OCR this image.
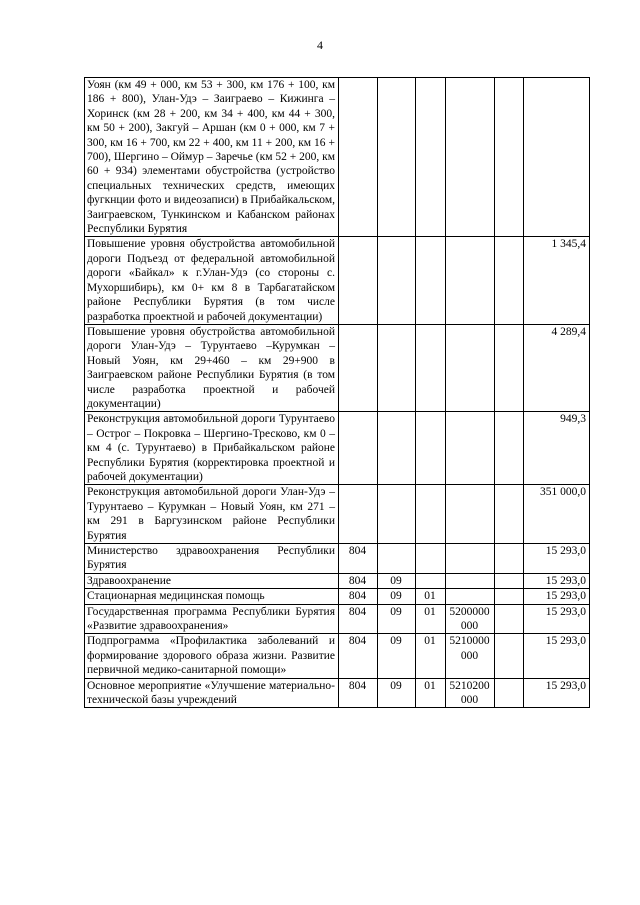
4
Уоян (км 49 + 000, км 53 + 300, км 176 + 100, км 186 + 800), Улан-Удэ – Заиграево – Кижинга – Хоринск (км 28 + 200, км 34 + 400, км 44 + 300, км 50 + 200), Закгуй – Аршан (км 0 + 000, км 7 + 300, км 16 + 700, км 22 + 400, км 11 + 200, км 16 + 700), Шергино – Оймур – Заречье (км 52 + 200, км 60 + 934) элементами обустройства (устройство специальных технических средств, имеющих фугкнции фото и видеозаписи) в Прибайкальском, Заиграевском, Тункинском и Кабанском районах Республики Бурятия						
Повышение уровня обустройства автомобильной дороги Подъезд от федеральной автомобильной дороги «Байкал» к г.Улан-Удэ (со стороны с. Мухоршибирь), км 0+ км 8 в Тарбагатайском районе Республики Бурятия (в том числе разработка проектной и рабочей документации)						1 345,4
Повышение уровня обустройства автомобильной дороги Улан-Удэ – Турунтаево –Курумкан – Новый Уоян, км 29+460 – км 29+900 в Заиграевском районе Республики Бурятия (в том числе разработка проектной и рабочей документации)						4 289,4
Реконструкция автомобильной дороги Турунтаево – Острог – Покровка – Шергино-Тресково, км 0 – км 4 (с. Турунтаево) в Прибайкальском районе Республики Бурятия (корректировка проектной и рабочей документации)						949,3
Реконструкция автомобильной дороги Улан-Удэ – Турунтаево – Курумкан – Новый Уоян, км 271 – км 291 в Баргузинском районе Республики Бурятия						351 000,0
Министерство здравоохранения Республики Бурятия	804					15 293,0
Здравоохранение	804	09				15 293,0
Стационарная медицинская помощь	804	09	01			15 293,0
Государственная программа Республики Бурятия «Развитие здравоохранения»	804	09	01	5200000000		15 293,0
Подпрограмма «Профилактика заболеваний и формирование здорового образа жизни. Развитие первичной медико-санитарной помощи»	804	09	01	5210000000		15 293,0
Основное мероприятие «Улучшение материально-технической базы учреждений	804	09	01	5210200000		15 293,0
